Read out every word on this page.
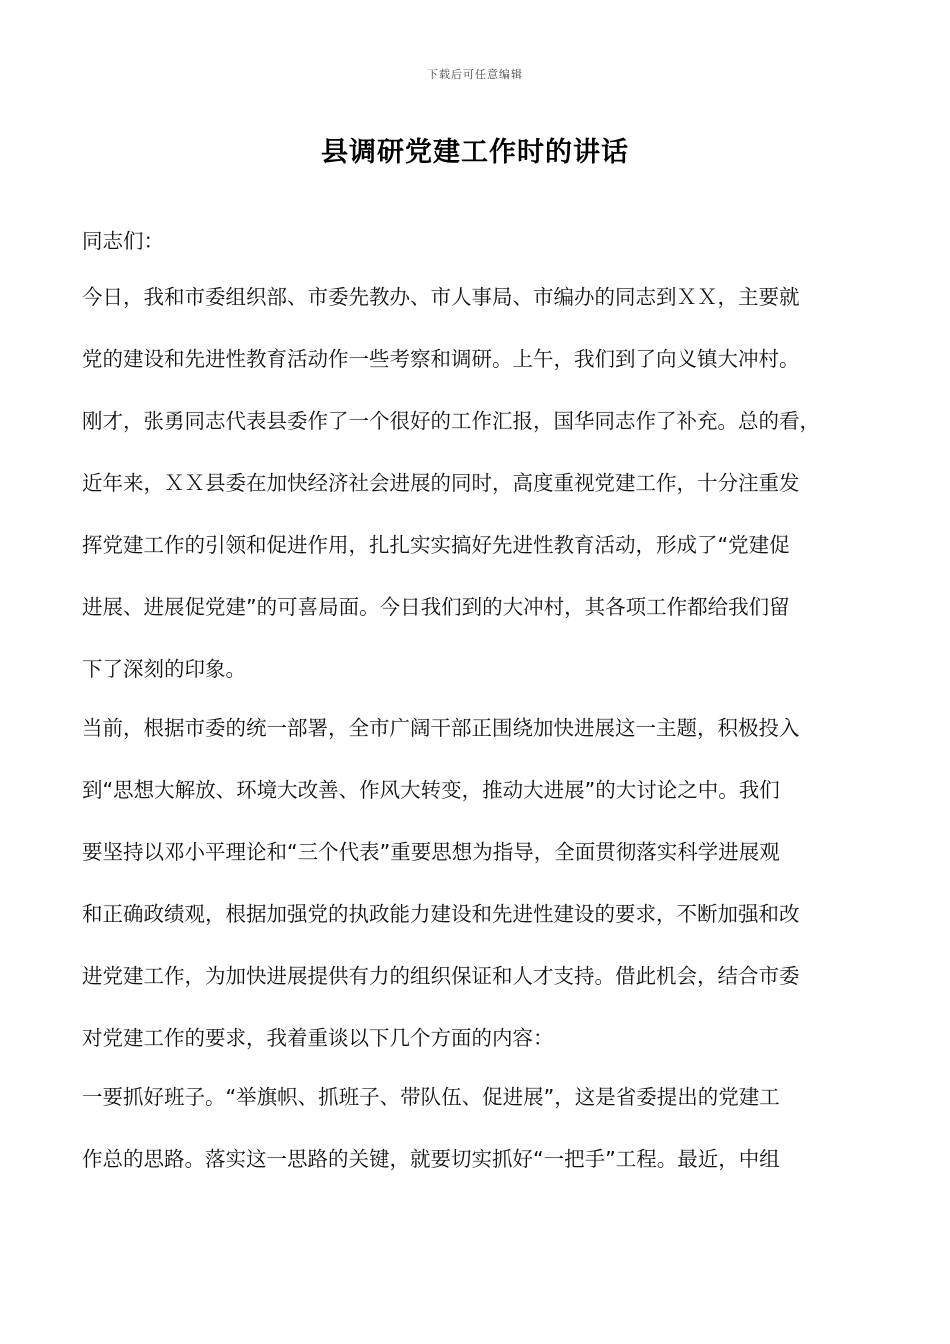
下载后可任意编辑
县调研党建工作时的讲话
同志们：
今日，我和市委组织部、市委先教办、市人事局、市编办的同志到ＸＸ，主要就
党的建设和先进性教育活动作一些考察和调研。上午，我们到了向义镇大冲村。
刚才，张勇同志代表县委作了一个很好的工作汇报，国华同志作了补充。总的看，
近年来，ＸＸ县委在加快经济社会进展的同时，高度重视党建工作，十分注重发
挥党建工作的引领和促进作用，扎扎实实搞好先进性教育活动，形成了“党建促
进展、进展促党建”的可喜局面。今日我们到的大冲村，其各项工作都给我们留
下了深刻的印象。
当前，根据市委的统一部署，全市广阔干部正围绕加快进展这一主题，积极投入
到“思想大解放、环境大改善、作风大转变，推动大进展”的大讨论之中。我们
要坚持以邓小平理论和“三个代表”重要思想为指导，全面贯彻落实科学进展观
和正确政绩观，根据加强党的执政能力建设和先进性建设的要求，不断加强和改
进党建工作，为加快进展提供有力的组织保证和人才支持。借此机会，结合市委
对党建工作的要求，我着重谈以下几个方面的内容：
一要抓好班子。“举旗帜、抓班子、带队伍、促进展”，这是省委提出的党建工
作总的思路。落实这一思路的关键，就要切实抓好“一把手”工程。最近，中组
